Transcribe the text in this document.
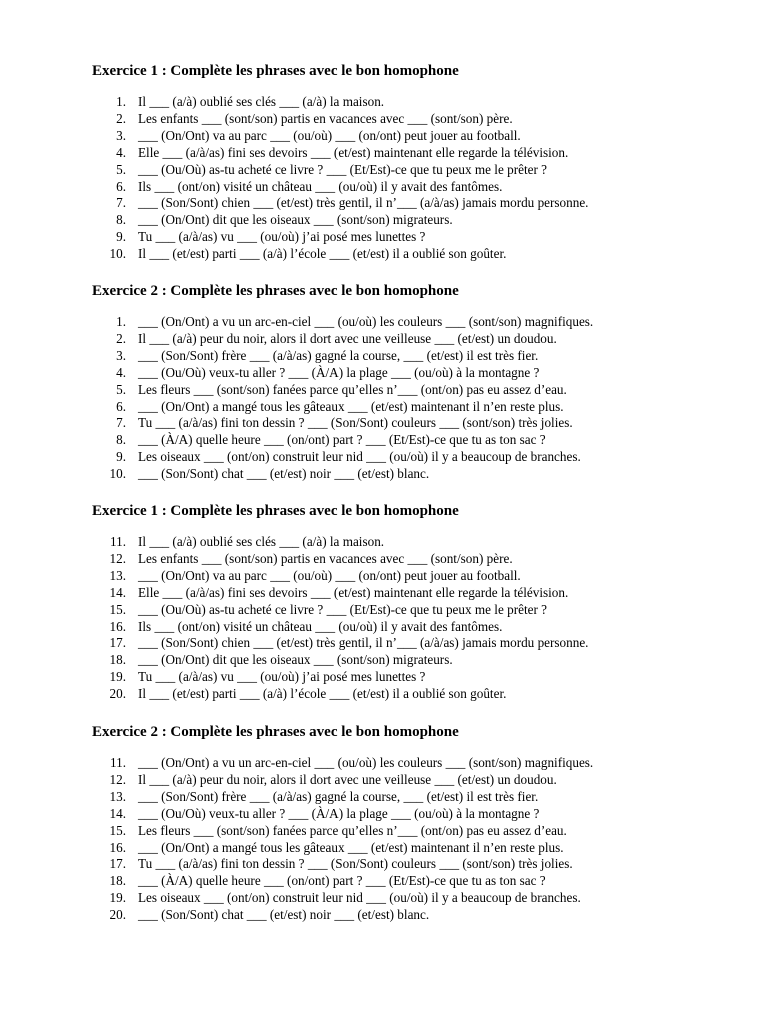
Exercice 1 : Complète les phrases avec le bon homophone
1. Il ___ (a/à) oublié ses clés ___ (a/à) la maison.
2. Les enfants ___ (sont/son) partis en vacances avec ___ (sont/son) père.
3. ___ (On/Ont) va au parc ___ (ou/où) ___ (on/ont) peut jouer au football.
4. Elle ___ (a/à/as) fini ses devoirs ___ (et/est) maintenant elle regarde la télévision.
5. ___ (Ou/Où) as-tu acheté ce livre ? ___ (Et/Est)-ce que tu peux me le prêter ?
6. Ils ___ (ont/on) visité un château ___ (ou/où) il y avait des fantômes.
7. ___ (Son/Sont) chien ___ (et/est) très gentil, il n’___ (a/à/as) jamais mordu personne.
8. ___ (On/Ont) dit que les oiseaux ___ (sont/son) migrateurs.
9. Tu ___ (a/à/as) vu ___ (ou/où) j’ai posé mes lunettes ?
10. Il ___ (et/est) parti ___ (a/à) l’école ___ (et/est) il a oublié son goûter.
Exercice 2 : Complète les phrases avec le bon homophone
1. ___ (On/Ont) a vu un arc-en-ciel ___ (ou/où) les couleurs ___ (sont/son) magnifiques.
2. Il ___ (a/à) peur du noir, alors il dort avec une veilleuse ___ (et/est) un doudou.
3. ___ (Son/Sont) frère ___ (a/à/as) gagné la course, ___ (et/est) il est très fier.
4. ___ (Ou/Où) veux-tu aller ? ___ (À/A) la plage ___ (ou/où) à la montagne ?
5. Les fleurs ___ (sont/son) fanées parce qu’elles n’___ (ont/on) pas eu assez d’eau.
6. ___ (On/Ont) a mangé tous les gâteaux ___ (et/est) maintenant il n’en reste plus.
7. Tu ___ (a/à/as) fini ton dessin ? ___ (Son/Sont) couleurs ___ (sont/son) très jolies.
8. ___ (À/A) quelle heure ___ (on/ont) part ? ___ (Et/Est)-ce que tu as ton sac ?
9. Les oiseaux ___ (ont/on) construit leur nid ___ (ou/où) il y a beaucoup de branches.
10. ___ (Son/Sont) chat ___ (et/est) noir ___ (et/est) blanc.
Exercice 1 : Complète les phrases avec le bon homophone
11. Il ___ (a/à) oublié ses clés ___ (a/à) la maison.
12. Les enfants ___ (sont/son) partis en vacances avec ___ (sont/son) père.
13. ___ (On/Ont) va au parc ___ (ou/où) ___ (on/ont) peut jouer au football.
14. Elle ___ (a/à/as) fini ses devoirs ___ (et/est) maintenant elle regarde la télévision.
15. ___ (Ou/Où) as-tu acheté ce livre ? ___ (Et/Est)-ce que tu peux me le prêter ?
16. Ils ___ (ont/on) visité un château ___ (ou/où) il y avait des fantômes.
17. ___ (Son/Sont) chien ___ (et/est) très gentil, il n’___ (a/à/as) jamais mordu personne.
18. ___ (On/Ont) dit que les oiseaux ___ (sont/son) migrateurs.
19. Tu ___ (a/à/as) vu ___ (ou/où) j’ai posé mes lunettes ?
20. Il ___ (et/est) parti ___ (a/à) l’école ___ (et/est) il a oublié son goûter.
Exercice 2 : Complète les phrases avec le bon homophone
11. ___ (On/Ont) a vu un arc-en-ciel ___ (ou/où) les couleurs ___ (sont/son) magnifiques.
12. Il ___ (a/à) peur du noir, alors il dort avec une veilleuse ___ (et/est) un doudou.
13. ___ (Son/Sont) frère ___ (a/à/as) gagné la course, ___ (et/est) il est très fier.
14. ___ (Ou/Où) veux-tu aller ? ___ (À/A) la plage ___ (ou/où) à la montagne ?
15. Les fleurs ___ (sont/son) fanées parce qu’elles n’___ (ont/on) pas eu assez d’eau.
16. ___ (On/Ont) a mangé tous les gâteaux ___ (et/est) maintenant il n’en reste plus.
17. Tu ___ (a/à/as) fini ton dessin ? ___ (Son/Sont) couleurs ___ (sont/son) très jolies.
18. ___ (À/A) quelle heure ___ (on/ont) part ? ___ (Et/Est)-ce que tu as ton sac ?
19. Les oiseaux ___ (ont/on) construit leur nid ___ (ou/où) il y a beaucoup de branches.
20. ___ (Son/Sont) chat ___ (et/est) noir ___ (et/est) blanc.
